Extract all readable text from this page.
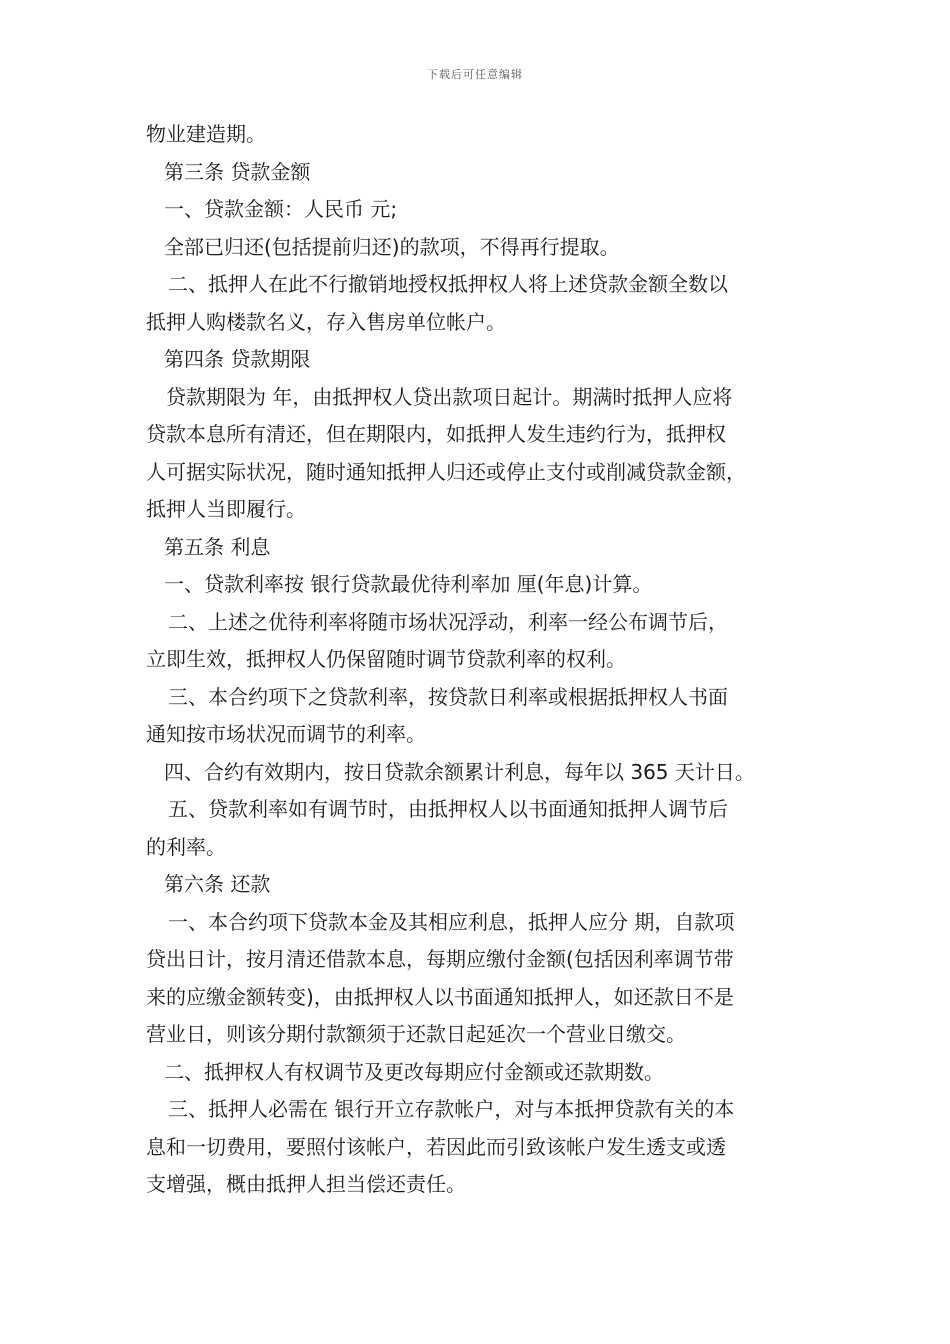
下载后可任意编辑
物业建造期。
第三条 贷款金额
一、贷款金额：人民币 元;
全部已归还(包括提前归还)的款项，不得再行提取。
二、抵押人在此不行撤销地授权抵押权人将上述贷款金额全数以
抵押人购楼款名义，存入售房单位帐户。
第四条 贷款期限
贷款期限为 年，由抵押权人贷出款项日起计。期满时抵押人应将
贷款本息所有清还，但在期限内，如抵押人发生违约行为，抵押权
人可据实际状况，随时通知抵押人归还或停止支付或削减贷款金额，
抵押人当即履行。
第五条 利息
一、贷款利率按 银行贷款最优待利率加 厘(年息)计算。
二、上述之优待利率将随市场状况浮动，利率一经公布调节后，
立即生效，抵押权人仍保留随时调节贷款利率的权利。
三、本合约项下之贷款利率，按贷款日利率或根据抵押权人书面
通知按市场状况而调节的利率。
四、合约有效期内，按日贷款余额累计利息，每年以 365 天计日。
五、贷款利率如有调节时，由抵押权人以书面通知抵押人调节后
的利率。
第六条 还款
一、本合约项下贷款本金及其相应利息，抵押人应分 期，自款项
贷出日计，按月清还借款本息，每期应缴付金额(包括因利率调节带
来的应缴金额转变)，由抵押权人以书面通知抵押人，如还款日不是
营业日，则该分期付款额须于还款日起延次一个营业日缴交。
二、抵押权人有权调节及更改每期应付金额或还款期数。
三、抵押人必需在 银行开立存款帐户，对与本抵押贷款有关的本
息和一切费用，要照付该帐户，若因此而引致该帐户发生透支或透
支增强，概由抵押人担当偿还责任。
